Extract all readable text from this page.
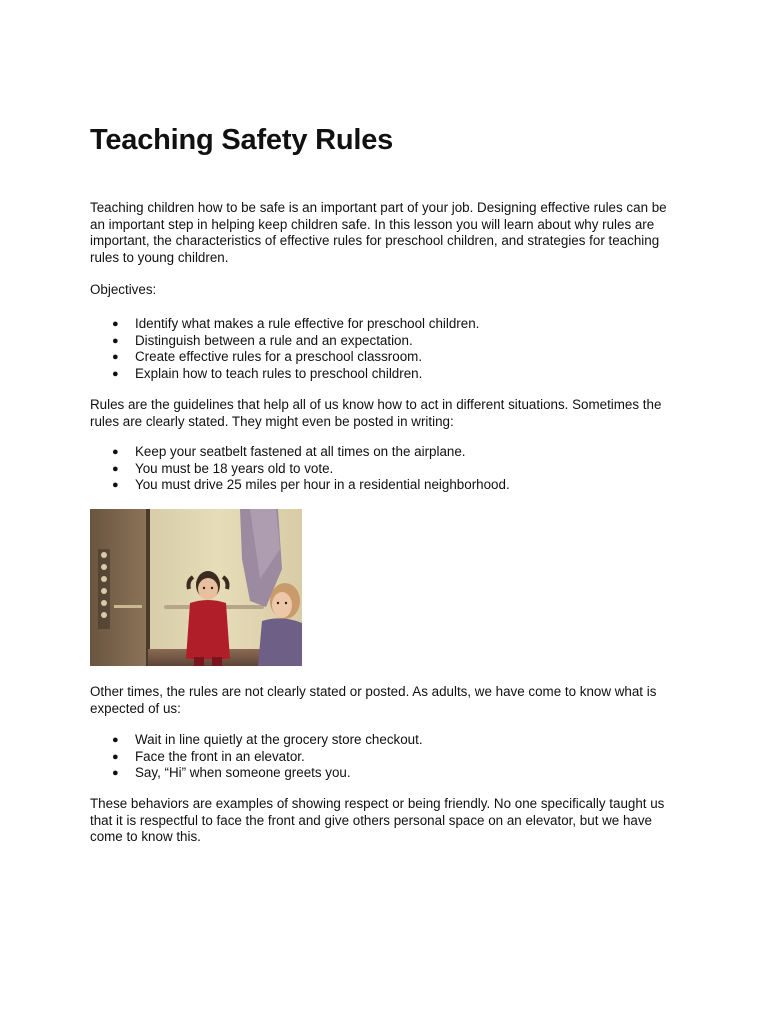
Teaching Safety Rules

Teaching children how to be safe is an important part of your job. Designing effective rules can be an important step in helping keep children safe. In this lesson you will learn about why rules are important, the characteristics of effective rules for preschool children, and strategies for teaching rules to young children.

Objectives:

● Identify what makes a rule effective for preschool children.
● Distinguish between a rule and an expectation.
● Create effective rules for a preschool classroom.
● Explain how to teach rules to preschool children.

Rules are the guidelines that help all of us know how to act in different situations. Sometimes the rules are clearly stated. They might even be posted in writing:

● Keep your seatbelt fastened at all times on the airplane.
● You must be 18 years old to vote.
● You must drive 25 miles per hour in a residential neighborhood.

Other times, the rules are not clearly stated or posted. As adults, we have come to know what is expected of us:

● Wait in line quietly at the grocery store checkout.
● Face the front in an elevator.
● Say, “Hi” when someone greets you.

These behaviors are examples of showing respect or being friendly. No one specifically taught us that it is respectful to face the front and give others personal space on an elevator, but we have come to know this.
